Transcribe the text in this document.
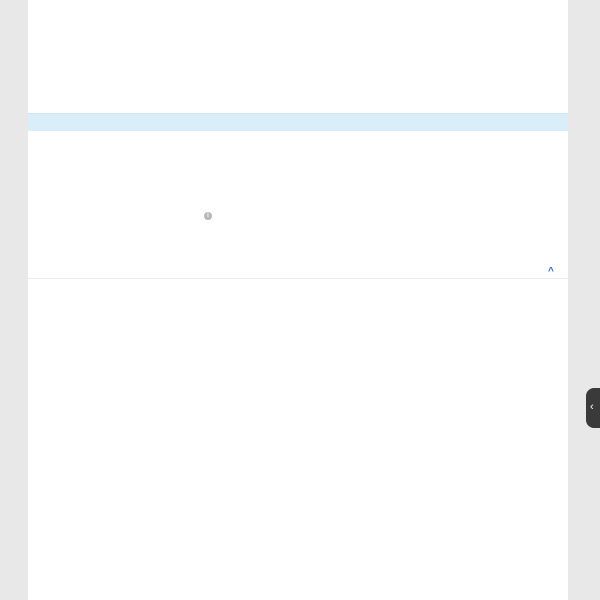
i
^
‹
